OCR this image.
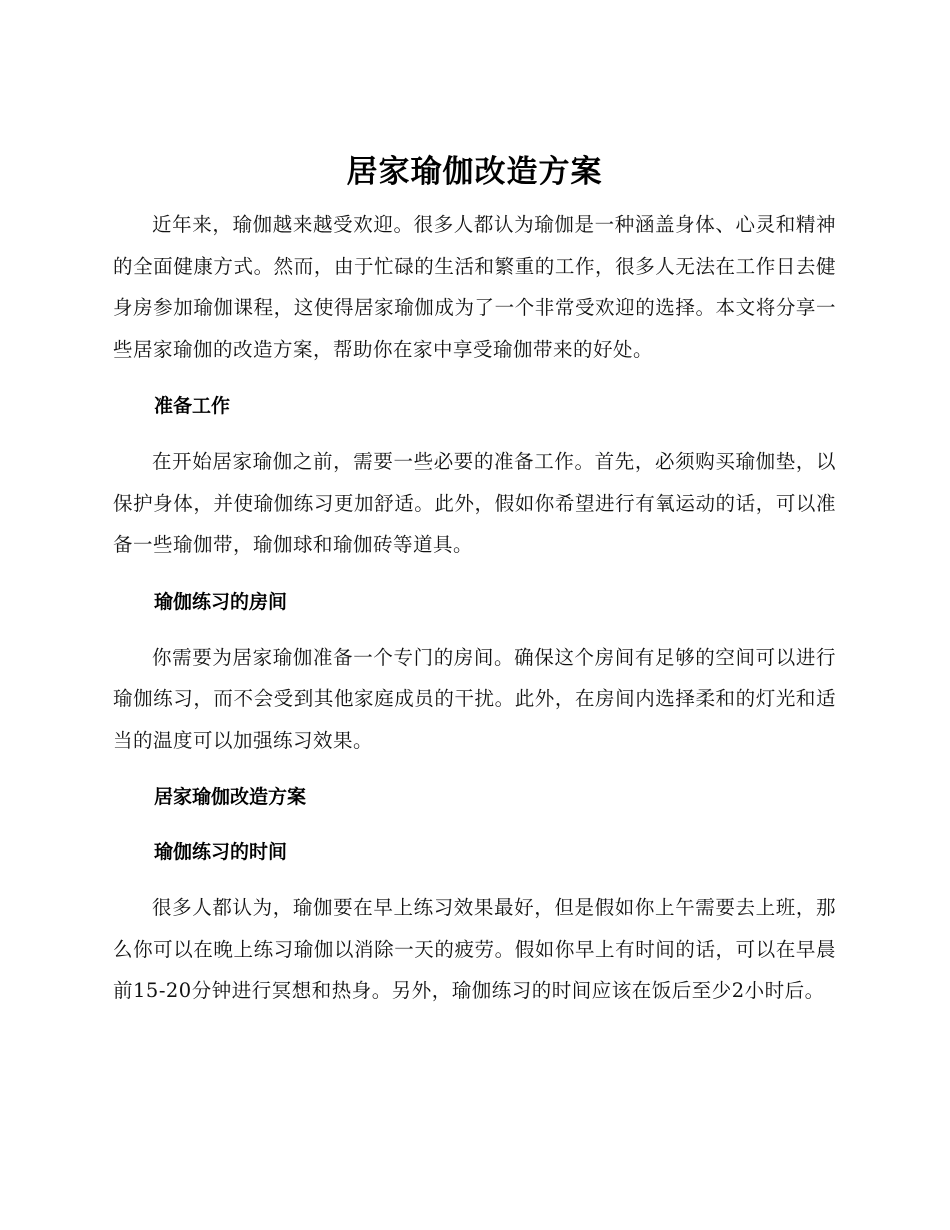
居家瑜伽改造方案

近年来，瑜伽越来越受欢迎。很多人都认为瑜伽是一种涵盖身体、心灵和精神的全面健康方式。然而，由于忙碌的生活和繁重的工作，很多人无法在工作日去健身房参加瑜伽课程，这使得居家瑜伽成为了一个非常受欢迎的选择。本文将分享一些居家瑜伽的改造方案，帮助你在家中享受瑜伽带来的好处。

准备工作

在开始居家瑜伽之前，需要一些必要的准备工作。首先，必须购买瑜伽垫，以保护身体，并使瑜伽练习更加舒适。此外，假如你希望进行有氧运动的话，可以准备一些瑜伽带，瑜伽球和瑜伽砖等道具。

瑜伽练习的房间

你需要为居家瑜伽准备一个专门的房间。确保这个房间有足够的空间可以进行瑜伽练习，而不会受到其他家庭成员的干扰。此外，在房间内选择柔和的灯光和适当的温度可以加强练习效果。

居家瑜伽改造方案
瑜伽练习的时间

很多人都认为，瑜伽要在早上练习效果最好，但是假如你上午需要去上班，那么你可以在晚上练习瑜伽以消除一天的疲劳。假如你早上有时间的话，可以在早晨前15-20分钟进行冥想和热身。另外，瑜伽练习的时间应该在饭后至少2小时后。
